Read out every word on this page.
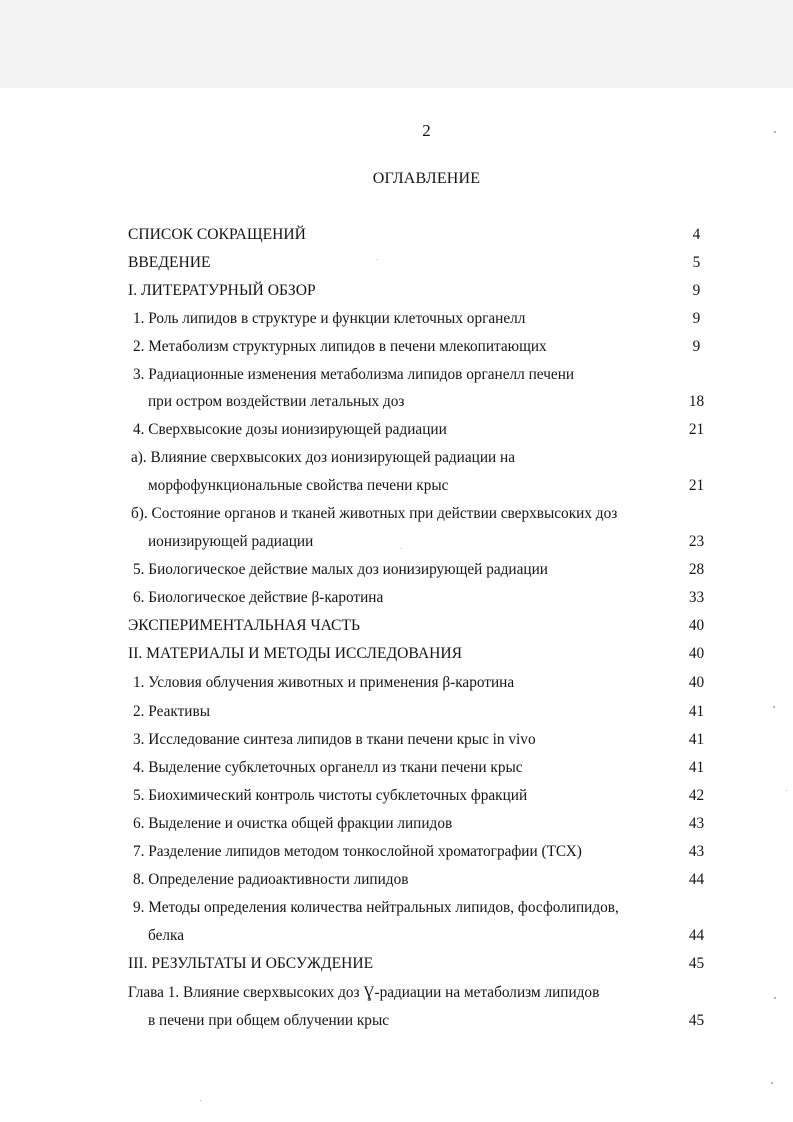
2
ОГЛАВЛЕНИЕ
СПИСОК СОКРАЩЕНИЙ	4
ВВЕДЕНИЕ	5
I. ЛИТЕРАТУРНЫЙ ОБЗОР	9
1. Роль липидов в структуре и функции клеточных органелл	9
2. Метаболизм структурных липидов в печени млекопитающих	9
3. Радиационные изменения метаболизма липидов органелл печени
при остром воздействии летальных доз	18
4. Сверхвысокие дозы ионизирующей радиации	21
а). Влияние сверхвысоких доз ионизирующей радиации на
морфофункциональные свойства печени крыс	21
б). Состояние органов и тканей животных при действии сверхвысоких доз
ионизирующей радиации	23
5. Биологическое действие малых доз ионизирующей радиации	28
6. Биологическое действие β-каротина	33
ЭКСПЕРИМЕНТАЛЬНАЯ ЧАСТЬ	40
II. МАТЕРИАЛЫ И МЕТОДЫ ИССЛЕДОВАНИЯ	40
1. Условия облучения животных и применения β-каротина	40
2. Реактивы	41
3. Исследование синтеза липидов в ткани печени крыс in vivo	41
4. Выделение субклеточных органелл из ткани печени крыс	41
5. Биохимический контроль чистоты субклеточных фракций	42
6. Выделение и очистка общей фракции липидов	43
7. Разделение липидов методом тонкослойной хроматографии (ТСХ)	43
8. Определение радиоактивности липидов	44
9. Методы определения количества нейтральных липидов, фосфолипидов,
белка	44
III. РЕЗУЛЬТАТЫ И ОБСУЖДЕНИЕ	45
Глава 1. Влияние сверхвысоких доз Ɣ-радиации на метаболизм липидов
в печени при общем облучении крыс	45
